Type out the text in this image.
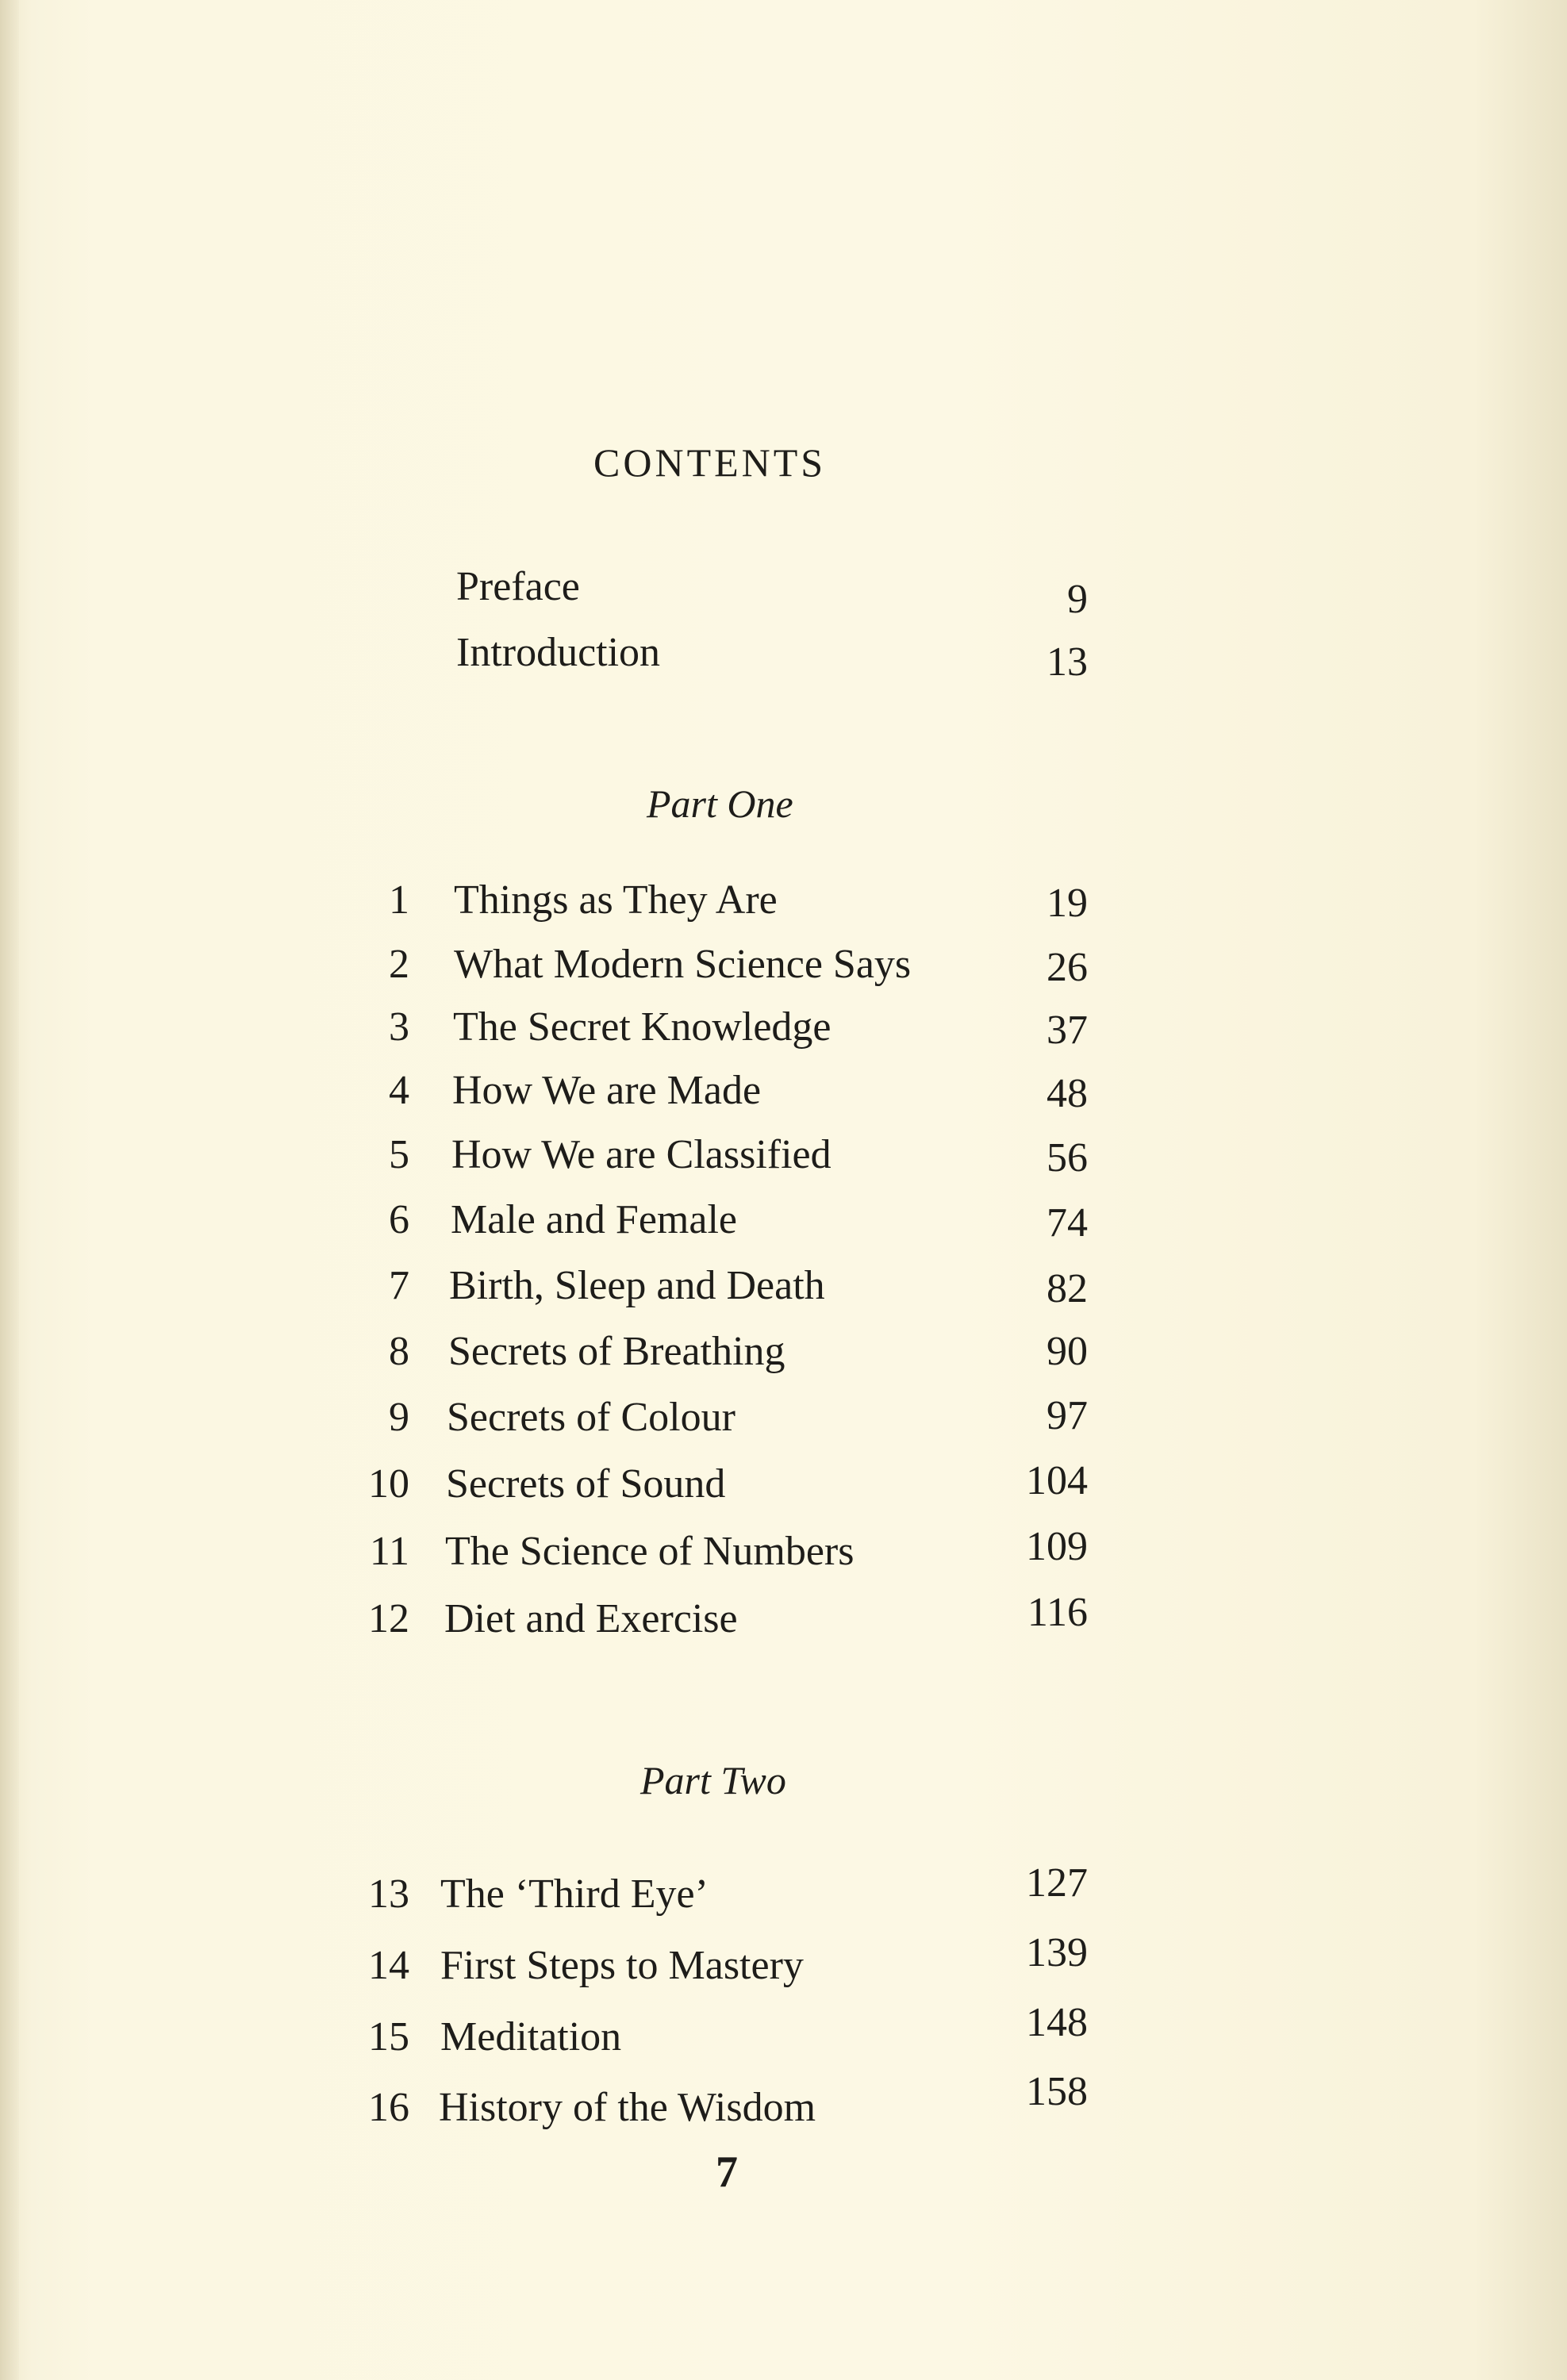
CONTENTS
Preface	9
Introduction	13
Part One
1 Things as They Are	19
2 What Modern Science Says	26
3 The Secret Knowledge	37
4 How We are Made	48
5 How We are Classified	56
6 Male and Female	74
7 Birth, Sleep and Death	82
8 Secrets of Breathing	90
9 Secrets of Colour	97
10 Secrets of Sound	104
11 The Science of Numbers	109
12 Diet and Exercise	116
Part Two
13 The ‘Third Eye’	127
14 First Steps to Mastery	139
15 Meditation	148
16 History of the Wisdom	158
7
